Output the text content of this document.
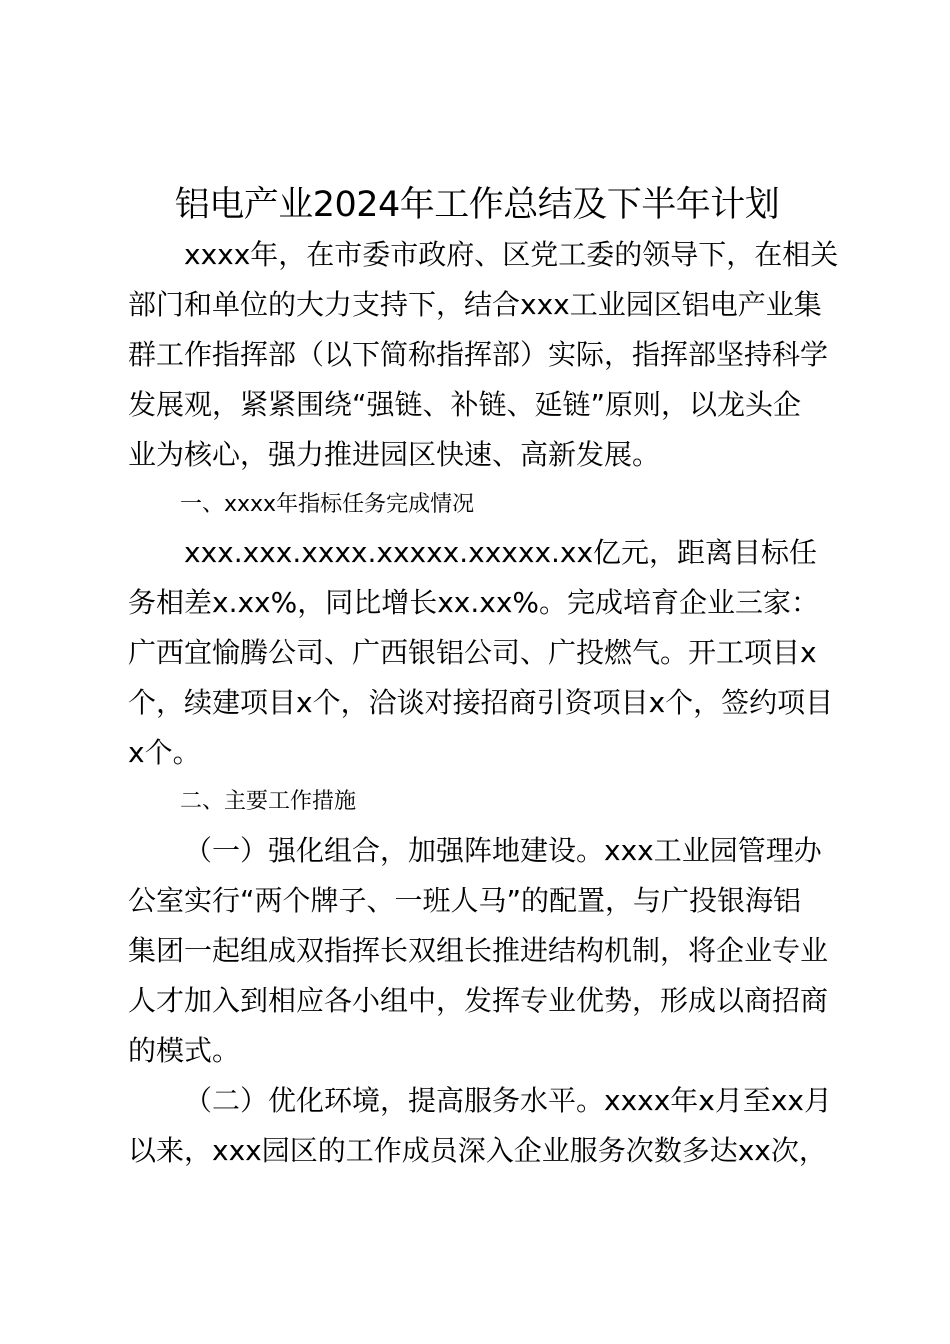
铝电产业2024年工作总结及下半年计划
xxxx年，在市委市政府、区党工委的领导下，在相关
部门和单位的大力支持下，结合xxx工业园区铝电产业集
群工作指挥部（以下简称指挥部）实际，指挥部坚持科学
发展观，紧紧围绕“强链、补链、延链”原则，以龙头企
业为核心，强力推进园区快速、高新发展。
一、xxxx年指标任务完成情况
xxx.xxx.xxxx.xxxxx.xxxxx.xx亿元，距离目标任
务相差x.xx%，同比增长xx.xx%。完成培育企业三家：
广西宜愉腾公司、广西银铝公司、广投燃气。开工项目x
个，续建项目x个，洽谈对接招商引资项目x个，签约项目
x个。
二、主要工作措施
（一）强化组合，加强阵地建设。xxx工业园管理办
公室实行“两个牌子、一班人马”的配置，与广投银海铝
集团一起组成双指挥长双组长推进结构机制，将企业专业
人才加入到相应各小组中，发挥专业优势，形成以商招商
的模式。
（二）优化环境，提高服务水平。xxxx年x月至xx月
以来，xxx园区的工作成员深入企业服务次数多达xx次，
